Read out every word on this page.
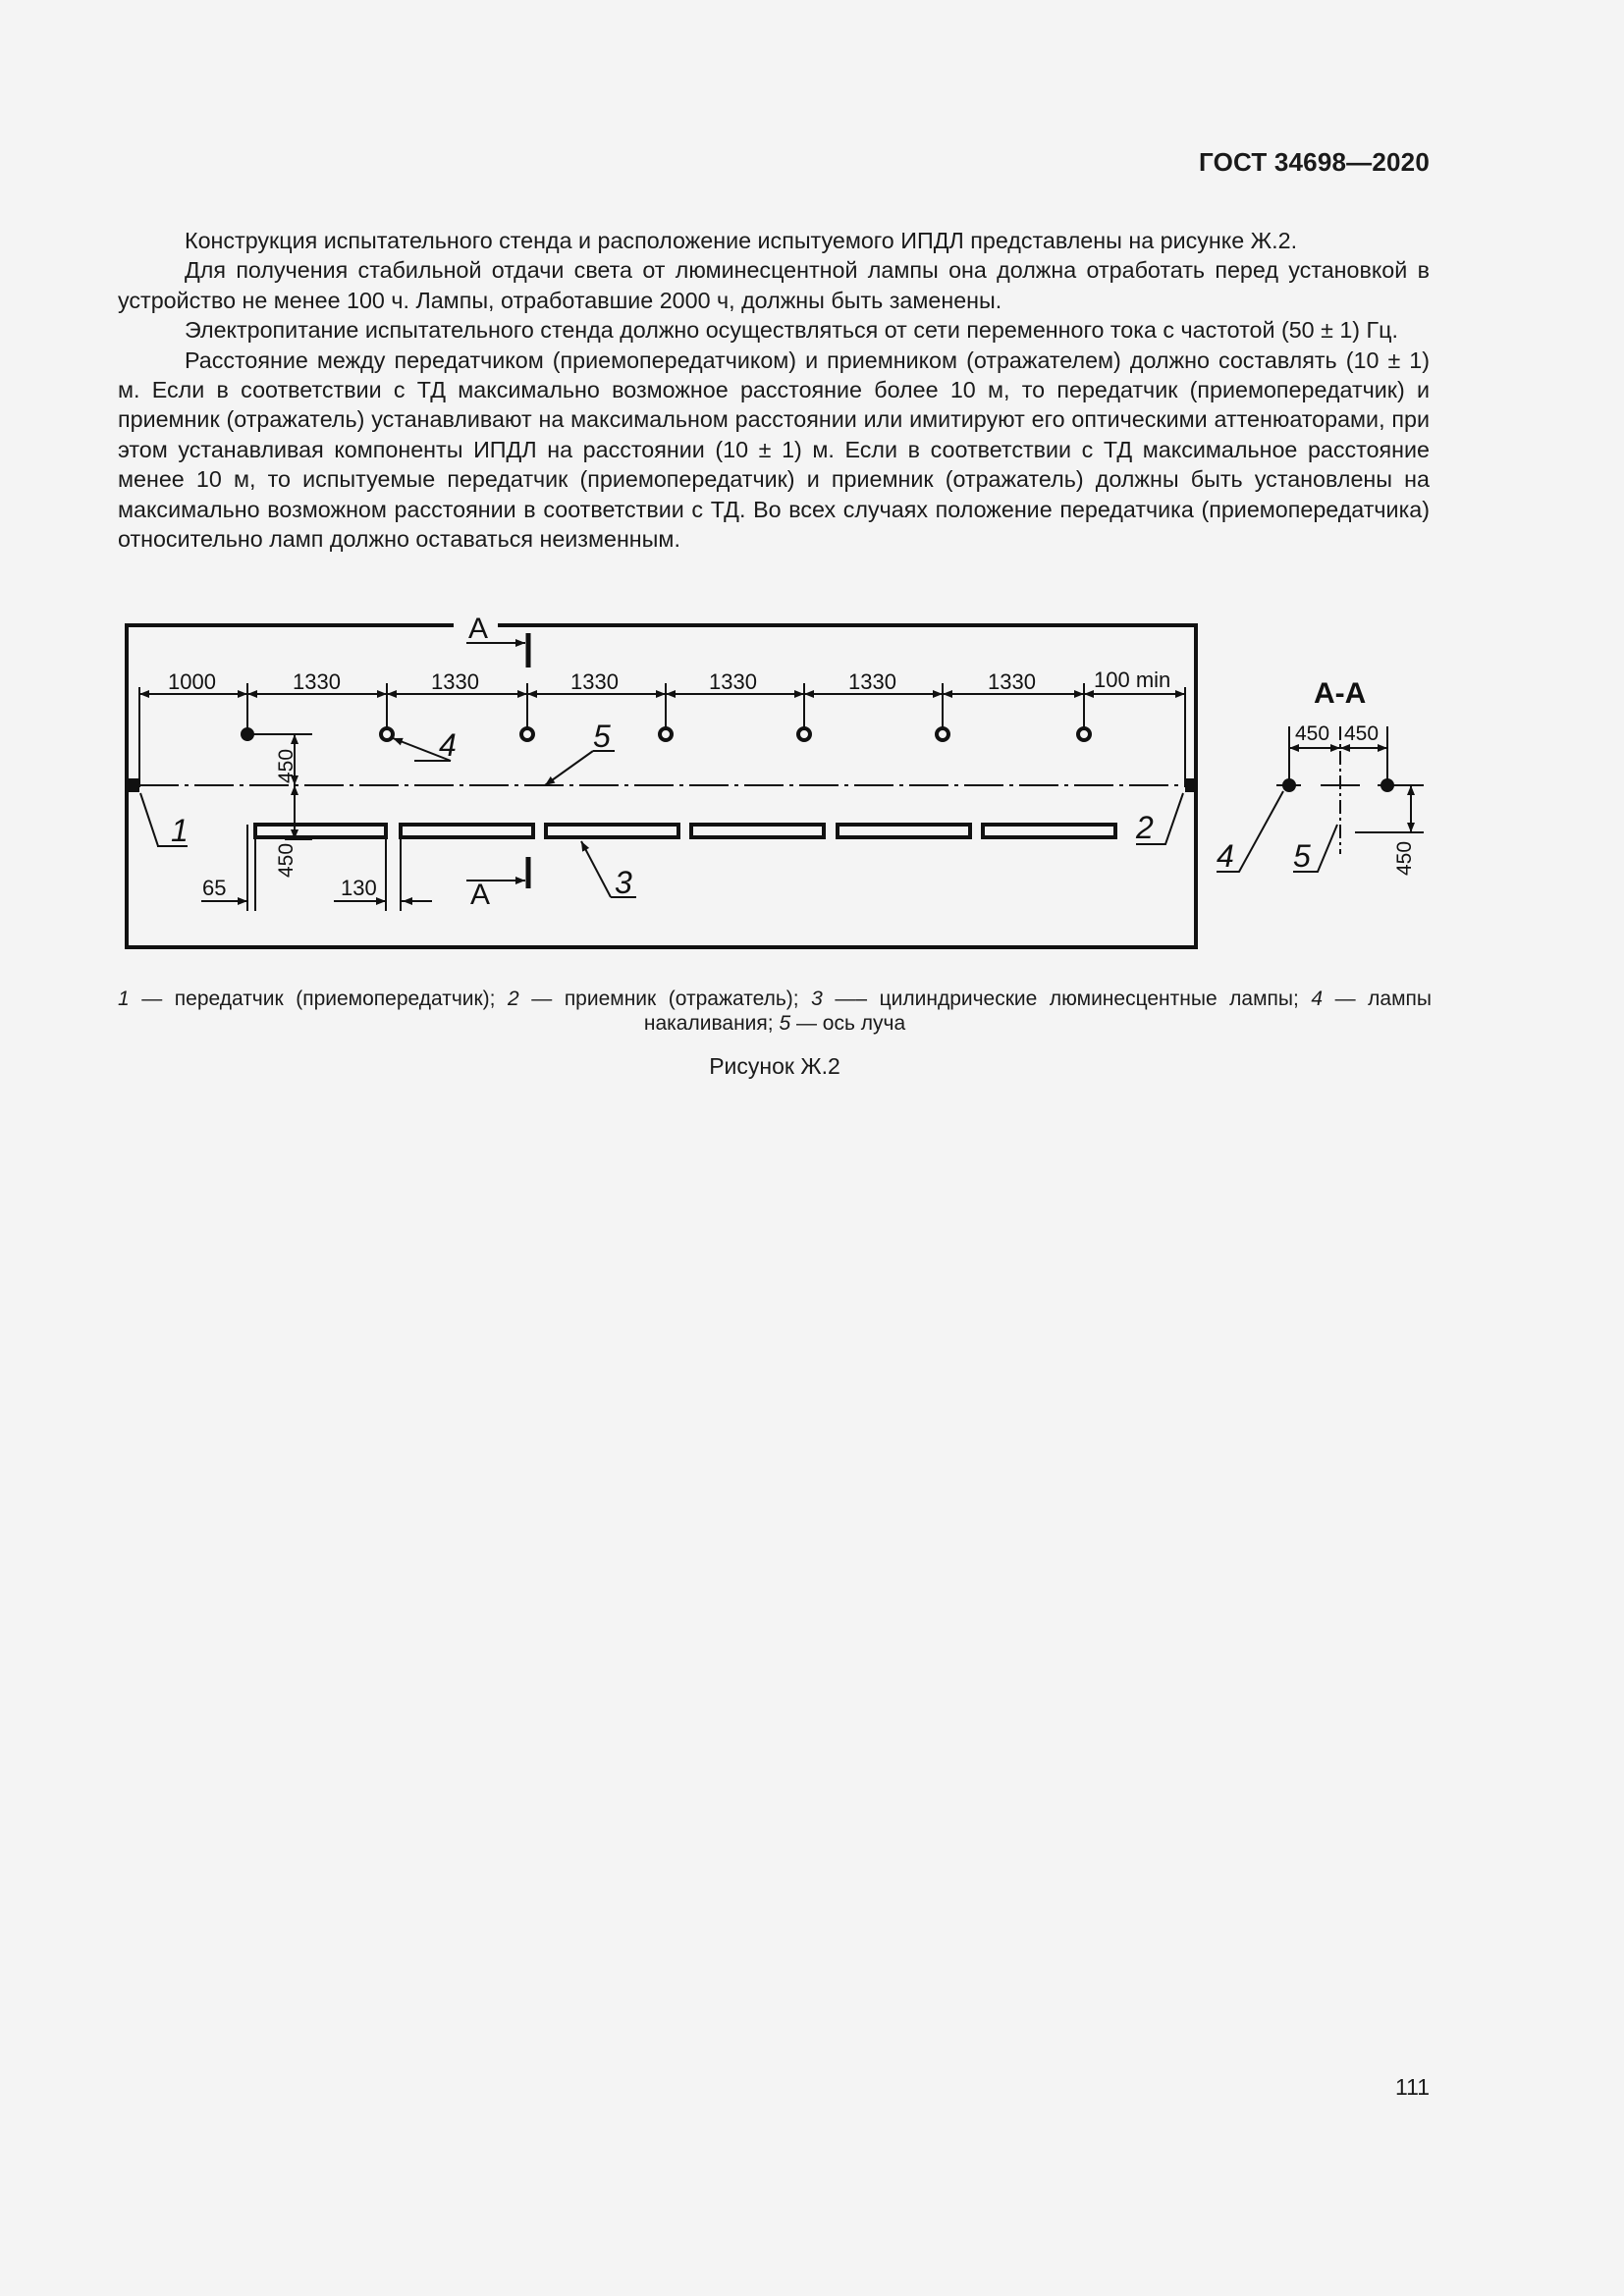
ГОСТ 34698—2020

Конструкция испытательного стенда и расположение испытуемого ИПДЛ представлены на рисунке Ж.2.

Для получения стабильной отдачи света от люминесцентной лампы она должна отработать перед установкой в устройство не менее 100 ч. Лампы, отработавшие 2000 ч, должны быть заменены.

Электропитание испытательного стенда должно осуществляться от сети переменного тока с частотой (50 ± 1) Гц.

Расстояние между передатчиком (приемопередатчиком) и приемником (отражателем) должно составлять (10 ± 1) м. Если в соответствии с ТД максимально возможное расстояние более 10 м, то передатчик (приемопередатчик) и приемник (отражатель) устанавливают на максимальном расстоянии или имитируют его оптическими аттенюаторами, при этом устанавливая компоненты ИПДЛ на расстоянии (10 ± 1) м. Если в соответствии с ТД максимальное расстояние менее 10 м, то испытуемые передатчик (приемопередатчик) и приемник (отражатель) должны быть установлены на максимально возможном расстоянии в соответствии с ТД. Во всех случаях положение передатчика (приемопередатчика) относительно ламп должно оставаться неизменным.

А
1000	1330	1330	1330	1330	1330	1330	100 min
450
450
65	130	А
1	2
4	5
3
А-А
450 450
450
4 5
1 — передатчик (приемопередатчик); 2 — приемник (отражатель); 3 —– цилиндрические люминесцентные лампы; 4 — лампы
накаливания; 5 — ось луча
Рисунок Ж.2
111
